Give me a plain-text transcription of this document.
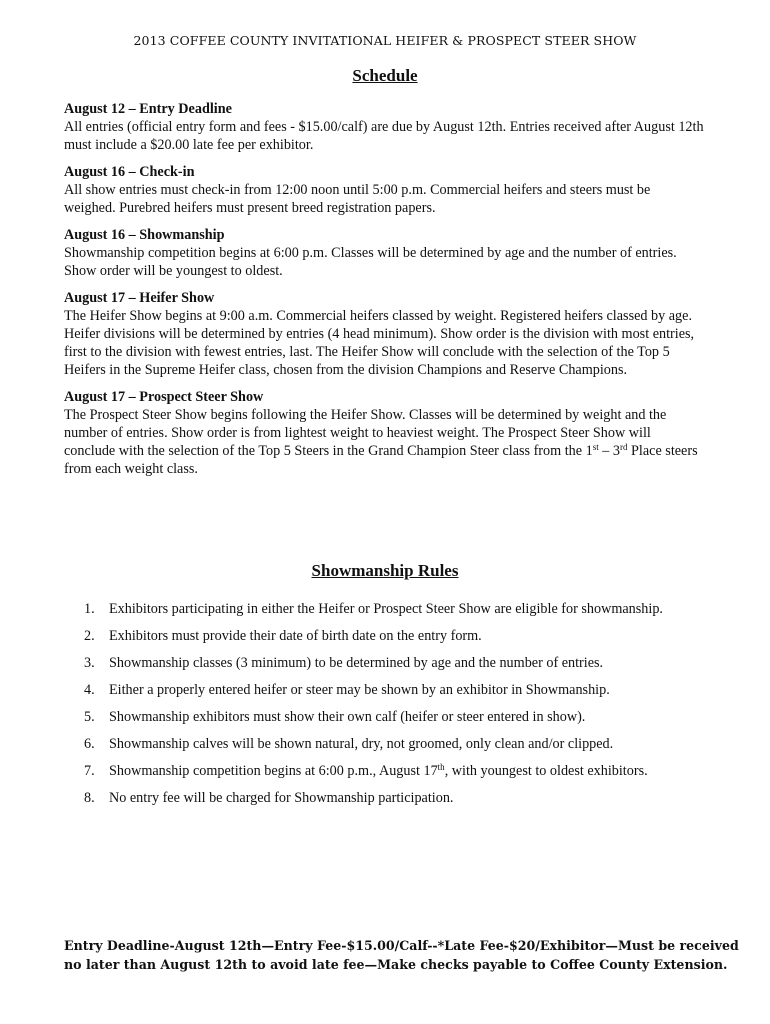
2013 COFFEE COUNTY INVITATIONAL HEIFER & PROSPECT STEER SHOW
Schedule
August 12 – Entry Deadline
All entries (official entry form and fees - $15.00/calf) are due by August 12th. Entries received after August 12th must include a $20.00 late fee per exhibitor.
August 16 – Check-in
All show entries must check-in from 12:00 noon until 5:00 p.m. Commercial heifers and steers must be weighed. Purebred heifers must present breed registration papers.
August 16 – Showmanship
Showmanship competition begins at 6:00 p.m. Classes will be determined by age and the number of entries. Show order will be youngest to oldest.
August 17 – Heifer Show
The Heifer Show begins at 9:00 a.m. Commercial heifers classed by weight. Registered heifers classed by age. Heifer divisions will be determined by entries (4 head minimum). Show order is the division with most entries, first to the division with fewest entries, last. The Heifer Show will conclude with the selection of the Top 5 Heifers in the Supreme Heifer class, chosen from the division Champions and Reserve Champions.
August 17 – Prospect Steer Show
The Prospect Steer Show begins following the Heifer Show. Classes will be determined by weight and the number of entries. Show order is from lightest weight to heaviest weight. The Prospect Steer Show will conclude with the selection of the Top 5 Steers in the Grand Champion Steer class from the 1st – 3rd Place steers from each weight class.
Showmanship Rules
1.	Exhibitors participating in either the Heifer or Prospect Steer Show are eligible for showmanship.
2.	Exhibitors must provide their date of birth date on the entry form.
3.	Showmanship classes (3 minimum) to be determined by age and the number of entries.
4.	Either a properly entered heifer or steer may be shown by an exhibitor in Showmanship.
5.	Showmanship exhibitors must show their own calf (heifer or steer entered in show).
6.	Showmanship calves will be shown natural, dry, not groomed, only clean and/or clipped.
7.	Showmanship competition begins at 6:00 p.m., August 17th, with youngest to oldest exhibitors.
8.	No entry fee will be charged for Showmanship participation.
Entry Deadline-August 12th—Entry Fee-$15.00/Calf--*Late Fee-$20/Exhibitor—Must be received
no later than August 12th to avoid late fee—Make checks payable to Coffee County Extension.
